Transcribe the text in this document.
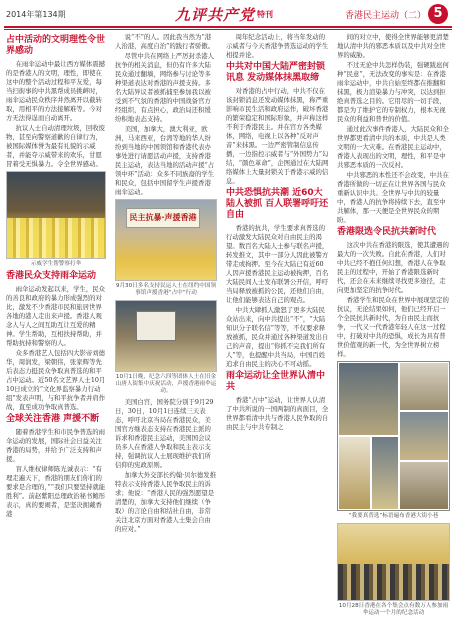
2014年第134期	九评共产党 特刊	香港民主运动（二） 5
占中活动的文明理性令世界感动

在雨伞运动中最让西方媒体震撼的是香港人的文明，理性，即使在这中的整个活动过程和平友爱，每当扫街事的中共黑帮成员挑衅时，雨伞运动民众秩序井然离开以截转取，用相平的方法接解难等。今对方无法得逞而自动离开。

抗议人士自动清理垃圾，回收废物，甚至向警察道歉的自律行为，被国际媒体誉为最有礼貌的示威者，并能夺示威带来的欢乐，甘愿冒着受无惧暴力。令全世界感动。

示威学生帮警察打伞
香港民众支持雨伞运动

雨伞运动发起以来，学生，民众的善良和政府的暴力形成强烈的对比，激发不少香港市民和旅居世界各地的港人走出来声援。香港人观念人与人之间互助互让互爱的精神。学生帮助，互相扶持帮助，并帮助抗持和警察的人。

众多香港艺人包括四大影帝刘德华，周润发，梁朝伟，张家辉等先后表态力挺民众争取真普选的和平占中运动。近50名文艺界人士10月10日成立的“文化界监察暴力行动组”发表声明，与和平抗争者并肩作战，直至成功争取真普选。

全球关注香港 声援不断

随着香港学生和市民争普选的雨伞运动的发展，国际社会日益关注香港的局势，并给予广泛支持和声援。

盲人维权律师陈光诚表示：“有理走遍天下，香港的朋友们你们的要求是合理的，”“我们只要坚持就能胜利”。前赵紫阳总理政治秘书鲍彤表示，真的要闹者，是坚决拥戴香港

说“不”的人。因此我当然为“港人治港，高度自治”的践行者骄傲。

尽管中共在网络上严厉封杀港人抗争的相关消息，但仍有许多大陆民众通过翻墙，网络参与讨论等多种渠道表达对香港的声援支持。多名大陆异议者被抓捕至参加我以被受到不气氛的香港的中国战备官方经组织，有点担心，政治局还积缓纷积地表态支持。

美国，加拿大，澳大利亚，欧洲，马来西亚，台湾等地的华人纷纷到当地的中国领馆和香港代表办事处进行请愿活动声援，支持香港民主运动，表达当地的活动声援“占领中环”活动：众多不同族裔的学生和民众，包括中国留学生声援香港雨伞运动。

民主抗暴·声援香港
9月30日多名支持民运人士在纽约中国领事馆声援香港“占中”行动
10月1日晚，纪念六四等团体人士在旧金山唐人街集中庆祝活动，声援香港雨伞运动。

美国白宫，国务院分别于9月29日，30日，10月1日连续三天表态，呼吁北京当局在香港民众，美国官方继表态支持在香港民主派的诉求和香港民主运动，美国国会议员多人在香港人争取和民主表示支持，强调抗议人士展现维护我们所信仰的宪政原则。

加拿大外交部长约翰·贝尔德发推特表示支持香港人民争取民主的诉求；他说：“香港人民的强烈愿望是清楚的，加拿大支持他们继续（争取）的言论自由和结社自由，非常关注北京方面对香港人士集会自由的应对。”

周年纪念活动上，将当年发动的示威者与今天香港争普选运动的学生相提并论。

中共对中国大陆严密封锁讯息 发动媒体抹黑取缔

对香港的占中行动，中共不仅在该封锁消息还发动媒体抹黑，称严重影响市民生活和政府运作，破坏香港的繁荣稳定和国际形象，并声称这样不利于香港民主。并在官方各类媒体，网络，电视上以各种“反对声音”来抹黑。一边严密管制信息传播，一边指控示威者与“外国势力”勾结，“颜色革命”，企图通过在大陆网络媒体上大量封锁关于香港示威的信息。

中共恐惧抗共潮 近60大陆人被抓 百人联署呼吁还自由

香港的抗共，学生要求真普选的行动激发大陆民众对自由民主的渴望。数百名大陆人士参与联名声援，转发推文，其中一部分人因此被警方带走或拘押。至今在大陆已有近60人因声援香港民主运动被拘押，百名大陆民间人士发布联署公开信，呼吁当局释放被抓的公民，还他们自由，让他们能够表达自己的观点。

中共大肆抓人激怒了更多大陆民众站出来，向中共提出“不”，“大陆知识分子联名信”等等，不仅要求释放被抓，民众并通过各种渠道发出自己的声音，提出“你抓不完我们所有人”等，也提醒中共当局，中国百姓追求自由民主的决心不可动摇。

雨伞运动让全世界认清中共

香港“占中”运动，让世界人认清了中共所说的一国两制的真面目，全世界都看清中共与香港人民争取的自由民主与中共专制之

间的对立中，使得全世界能够更清楚地认清中共的邪恶本质以及中共对全世界的威胁。

不过无论中共怎样伪装，强硬跋扈何种“民意”，无法改变的事实是：在香港雨伞运动中，中共自始至终都在推翻和抹黑，极力渲染暴力与冲突，以达到拒绝真普选之目的。它用尽的一切手段，都是为了维护它的专制权力，根本无视民众的利益和普世的价值。

通过此次事件香港人，大陆民众和全世界都更看清中共的本质，中共是人类文明的一大灾难。在香港民主运动中，香港人表现出的文明，理性，和平是中共邪恶本质的一次反衬。

中共邪恶的本性还不会改变，中共在香港所做的一切正在让世界各国与民众重新认识中共。全世界与中共的较量中，香港人的抗争将持续下去，直至中共解体，那一天便是全世界民众的期盼。

香港限选令民抗共新时代

这次中共在香港的限选，使其遭遇的最大的一次失败。自此在香港，人们对中共已经不抱任何幻想，香港人在争取民主的过程中，开始了香港限选新时代，还会在未来继续寻找更多途径，走向更加坚定的抗争时代。

香港学生和民众在世界中展现坚定的抗议，无论结果如何，他们已经开启一个全民抗共新时代，为自由民主而抗争，一代又一代香港年轻人在这一过程中，打破对中共的恐惧，成长为具有普世价值观的新一代，为全世界树立榜样。

“我要真普选”标语遍布香港大街小巷
10月28日香港在各个集会点有数万人参加雨伞运动一个月的纪念活动
